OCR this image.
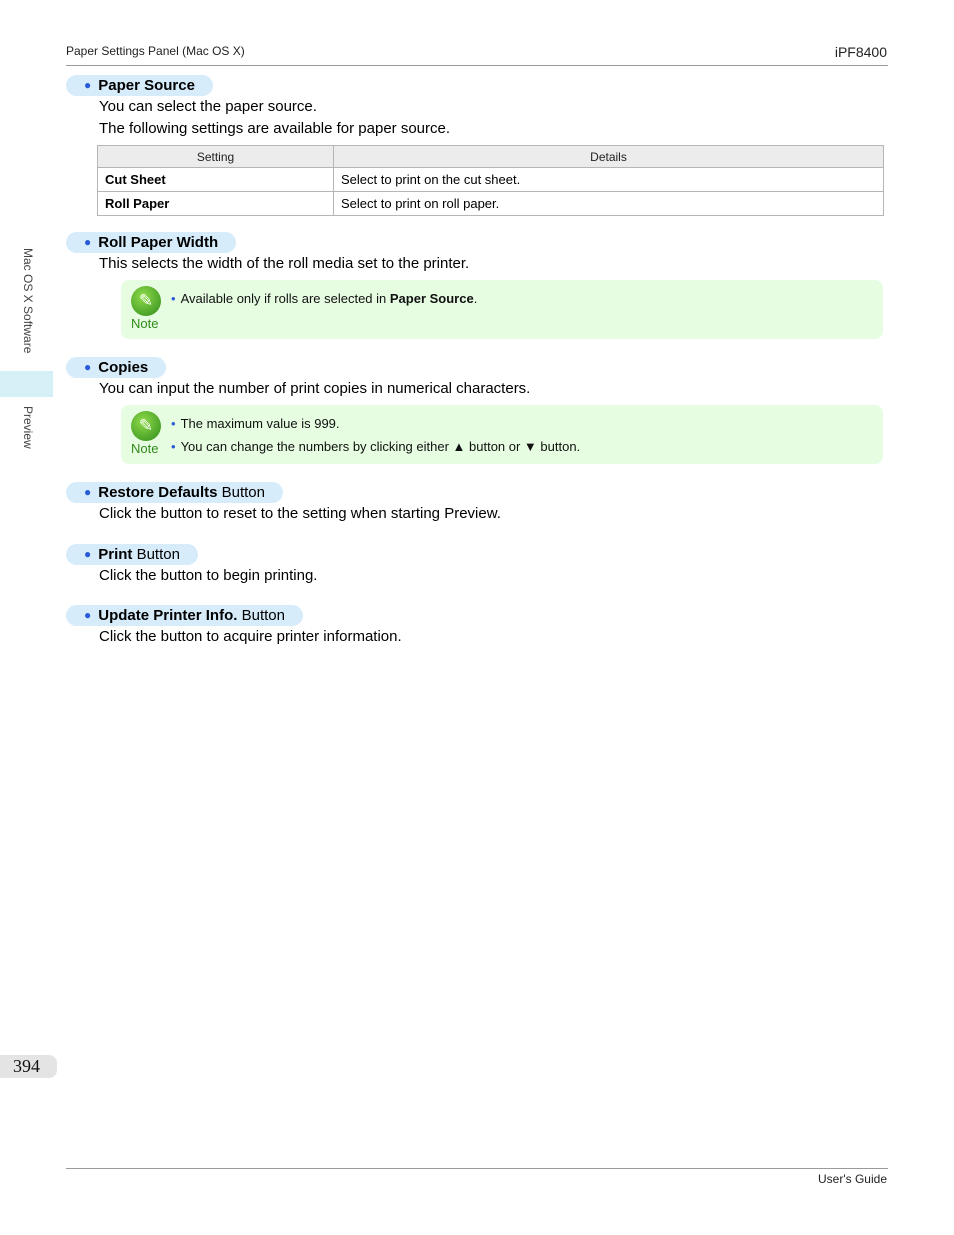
Paper Settings Panel (Mac OS X)	iPF8400
Mac OS X Software
Preview
394
● Paper Source

You can select the paper source.

The following settings are available for paper source.

Setting	Details
Cut Sheet	Select to print on the cut sheet.
Roll Paper	Select to print on roll paper.
● Roll Paper Width

This selects the width of the roll media set to the printer.

✎
Note
• Available only if rolls are selected in Paper Source.
● Copies

You can input the number of print copies in numerical characters.

✎
Note
• The maximum value is 999.
• You can change the numbers by clicking either ▲ button or ▼ button.
● Restore Defaults Button

Click the button to reset to the setting when starting Preview.

● Print Button

Click the button to begin printing.

● Update Printer Info. Button

Click the button to acquire printer information.

User's Guide
